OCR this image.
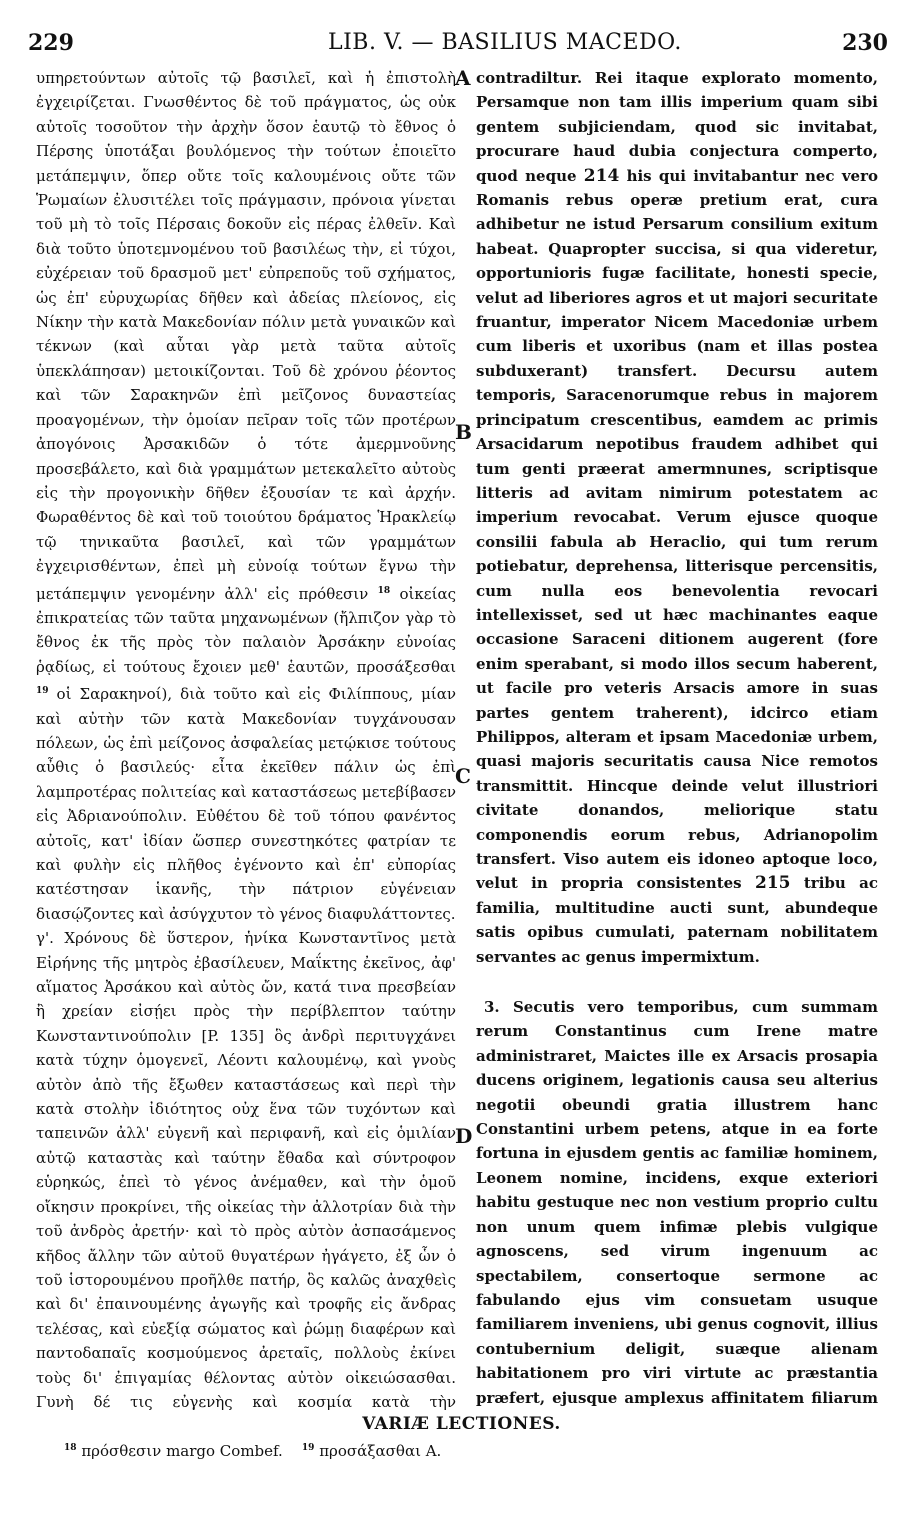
229	LIB. V. — BASILIUS MACEDO.	230

υπηρετούντων αὐτοῖς τῷ βασιλεῖ, καὶ ἡ ἐπιστολὴ ἐγχειρίζεται. Γνωσθέντος δὲ τοῦ πράγματος, ὡς οὐκ αὐτοῖς τοσοῦτον τὴν ἀρχὴν ὅσον ἑαυτῷ τὸ ἔθνος ὁ Πέρσης ὑποτάξαι βουλόμενος τὴν τούτων ἐποιεῖτο μετάπεμψιν, ὅπερ οὔτε τοῖς καλουμένοις οὔτε τῶν Ῥωμαίων ἐλυσιτέλει τοῖς πράγμασιν, πρόνοια γίνεται τοῦ μὴ τὸ τοῖς Πέρσαις δοκοῦν εἰς πέρας ἐλθεῖν. Καὶ διὰ τοῦτο ὑποτεμνομένου τοῦ βασιλέως τὴν, εἰ τύχοι, εὐχέρειαν τοῦ δρασμοῦ μετ' εὐπρεποῦς τοῦ σχήματος, ὡς ἐπ' εὐρυχωρίας δῆθεν καὶ ἀδείας πλείονος, εἰς Νίκην τὴν κατὰ Μακεδονίαν πόλιν μετὰ γυναικῶν καὶ τέκνων (καὶ αὗται γὰρ μετὰ ταῦτα αὐτοῖς ὑπεκλάπησαν) μετοικίζονται. Τοῦ δὲ χρόνου ῥέοντος καὶ τῶν Σαρακηνῶν ἐπὶ μεῖζονος δυναστείας προαγομένων, τὴν ὁμοίαν πεῖραν τοῖς τῶν προτέρων ἀπογόνοις Ἀρσακιδῶν ὁ τότε ἀμερμνοῦνης προσεβάλετο, καὶ διὰ γραμμάτων μετεκαλεῖτο αὐτοὺς εἰς τὴν προγονικὴν δῆθεν ἐξουσίαν τε καὶ ἀρχήν. Φωραθέντος δὲ καὶ τοῦ τοιούτου δράματος Ἡρακλείῳ τῷ τηνικαῦτα βασιλεῖ, καὶ τῶν γραμμάτων ἐγχειρισθέντων, ἐπεὶ μὴ εὐνοίᾳ τούτων ἔγνω τὴν μετάπεμψιν γενομένην ἀλλ' εἰς πρόθεσιν $^{18}$ οἰκείας ἐπικρατείας τῶν ταῦτα μηχανωμένων (ἤλπιζον γὰρ τὸ ἔθνος ἐκ τῆς πρὸς τὸν παλαιὸν Ἀρσάκην εὐνοίας ῥᾳδίως, εἰ τούτους ἔχοιεν μεθ' ἑαυτῶν, προσάξεσθαι $^{19}$ οἱ Σαρακηνοί), διὰ τοῦτο καὶ εἰς Φιλίππους, μίαν καὶ αὐτὴν τῶν κατὰ Μακεδονίαν τυγχάνουσαν πόλεων, ὡς ἐπὶ μείζονος ἀσφαλείας μετῴκισε τούτους αὖθις ὁ βασιλεύς· εἶτα ἐκεῖθεν πάλιν ὡς ἐπὶ λαμπροτέρας πολιτείας καὶ καταστάσεως μετεβίβασεν εἰς Ἀδριανούπολιν. Εὐθέτου δὲ τοῦ τόπου φανέντος αὐτοῖς, κατ' ἰδίαν ὥσπερ συνεστηκότες φατρίαν τε καὶ φυλὴν εἰς πλῆθος ἐγένοντο καὶ ἐπ' εὐπορίας κατέστησαν ἱκανῆς, τὴν πάτριον εὐγένειαν διασῴζοντες καὶ ἀσύγχυτον τὸ γένος διαφυλάττοντες.

γ'. Χρόνους δὲ ὕστερον, ἡνίκα Κωνσταντῖνος μετὰ Εἰρήνης τῆς μητρὸς ἐβασίλευεν, Μαΐκτης ἐκεῖνος, ἀφ' αἵματος Ἀρσάκου καὶ αὐτὸς ὤν, κατά τινα πρεσβείαν ἢ χρείαν εἰσῄει πρὸς τὴν περίβλεπτον ταύτην Κωνσταντινούπολιν [P. 135] ὃς ἀνδρὶ περιτυγχάνει κατὰ τύχην ὁμογενεῖ, Λέοντι καλουμένῳ, καὶ γνοὺς αὐτὸν ἀπὸ τῆς ἔξωθεν καταστάσεως καὶ περὶ τὴν κατὰ στολὴν ἰδιότητος οὐχ ἕνα τῶν τυχόντων καὶ ταπεινῶν ἀλλ' εὐγενῆ καὶ περιφανῆ, καὶ εἰς ὁμιλίαν αὐτῷ καταστὰς καὶ ταύτην ἔθαδα καὶ σύντροφον εὑρηκώς, ἐπεὶ τὸ γένος ἀνέμαθεν, καὶ τὴν ὁμοῦ οἴκησιν προκρίνει, τῆς οἰκείας τὴν ἀλλοτρίαν διὰ τὴν τοῦ ἀνδρὸς ἀρετήν· καὶ τὸ πρὸς αὐτὸν ἀσπασάμενος κῆδος ἄλλην τῶν αὐτοῦ θυγατέρων ἠγάγετο, ἐξ ὧν ὁ τοῦ ἱστορουμένου προῆλθε πατήρ, ὃς καλῶς ἀναχθεὶς καὶ δι' ἐπαινουμένης ἀγωγῆς καὶ τροφῆς εἰς ἄνδρας τελέσας, καὶ εὐεξίᾳ σώματος καὶ ῥώμῃ διαφέρων καὶ παντοδαπαῖς κοσμούμενος ἀρεταῖς, πολλοὺς ἐκίνει τοὺς δι' ἐπιγαμίας θέλοντας αὐτὸν οἰκειώσασθαι. Γυνὴ δέ τις εὐγενὴς καὶ κοσμία κατὰ τὴν

A
B
C
D

contradiltur. Rei itaque explorato momento, Persamque non tam illis imperium quam sibi gentem subjiciendam, quod sic invitabat, procurare haud dubia conjectura comperto, quod neque 214 his qui invitabantur nec vero Romanis rebus operæ pretium erat, cura adhibetur ne istud Persarum consilium exitum habeat. Quapropter succisa, si qua videretur, opportunioris fugæ facilitate, honesti specie, velut ad liberiores agros et ut majori securitate fruantur, imperator Nicem Macedoniæ urbem cum liberis et uxoribus (nam et illas postea subduxerant) transfert. Decursu autem temporis, Saracenorumque rebus in majorem principatum crescentibus, eamdem ac primis Arsacidarum nepotibus fraudem adhibet qui tum genti præerat amermnunes, scriptisque litteris ad avitam nimirum potestatem ac imperium revocabat. Verum ejusce quoque consilii fabula ab Heraclio, qui tum rerum potiebatur, deprehensa, litterisque percensitis, cum nulla eos benevolentia revocari intellexisset, sed ut hæc machinantes eaque occasione Saraceni ditionem augerent (fore enim sperabant, si modo illos secum haberent, ut facile pro veteris Arsacis amore in suas partes gentem traherent), idcirco etiam Philippos, alteram et ipsam Macedoniæ urbem, quasi majoris securitatis causa Nice remotos transmittit. Hincque deinde velut illustriori civitate donandos, meliorique statu componendis eorum rebus, Adrianopolim transfert. Viso autem eis idoneo aptoque loco, velut in propria consistentes 215 tribu ac familia, multitudine aucti sunt, abundeque satis opibus cumulati, paternam nobilitatem servantes ac genus impermixtum.

3. Secutis vero temporibus, cum summam rerum Constantinus cum Irene matre administraret, Maictes ille ex Arsacis prosapia ducens originem, legationis causa seu alterius negotii obeundi gratia illustrem hanc Constantini urbem petens, atque in ea forte fortuna in ejusdem gentis ac familiæ hominem, Leonem nomine, incidens, exque exteriori habitu gestuque nec non vestium proprio cultu non unum quem infimæ plebis vulgique agnoscens, sed virum ingenuum ac spectabilem, consertoque sermone ac fabulando ejus vim consuetam usuque familiarem inveniens, ubi genus cognovit, illius contubernium deligit, suæque alienam habitationem pro viri virtute ac præstantia præfert, ejusque amplexus affinitatem filiarum

VARIÆ LECTIONES.
$^{18}$ πρόσθεσιν margo Combef. $^{19}$ προσάξασθαι A.
